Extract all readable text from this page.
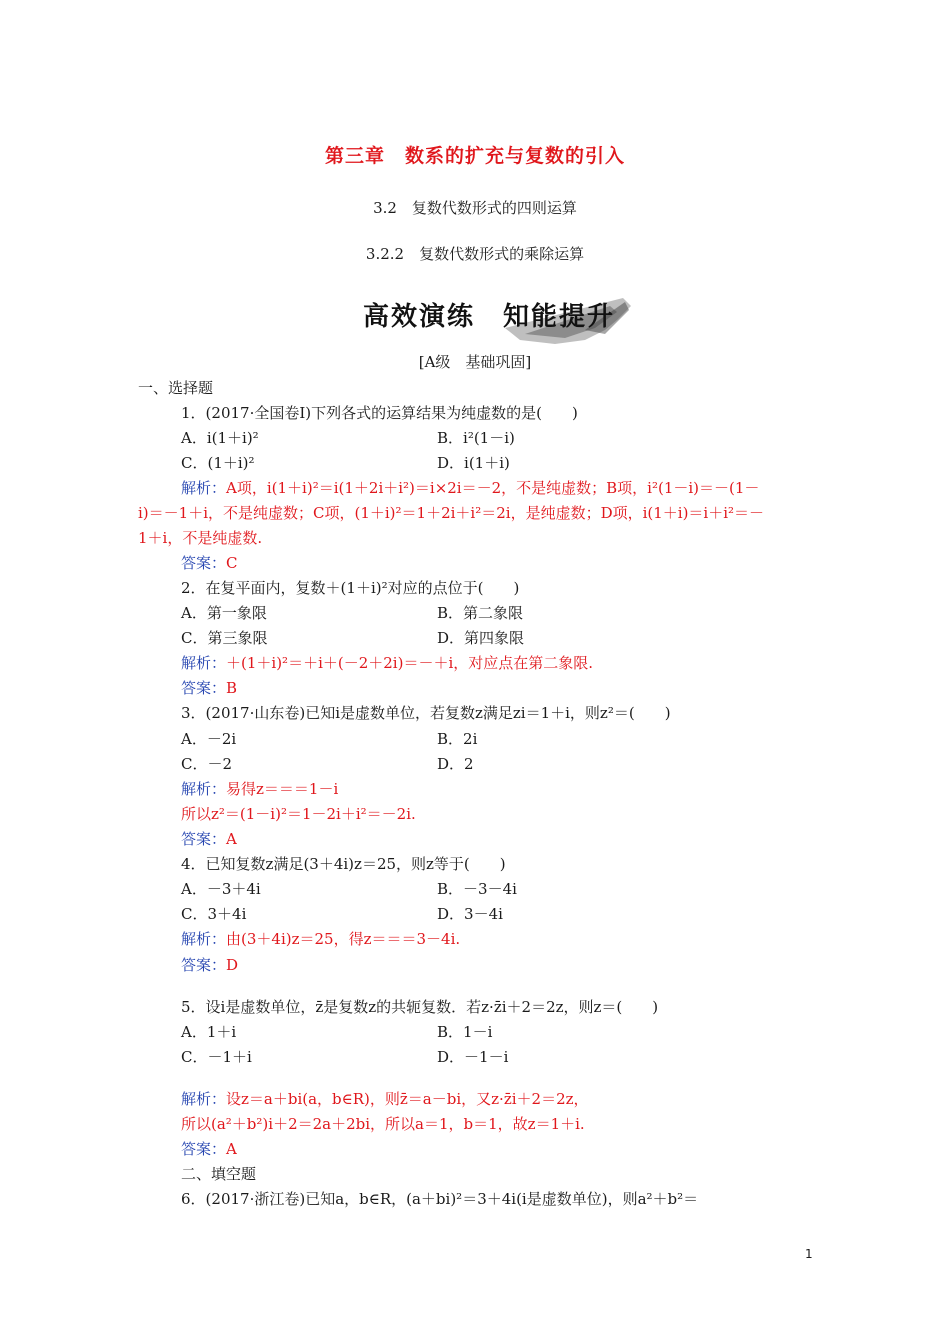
第三章　数系的扩充与复数的引入
3.2　复数代数形式的四则运算
3.2.2　复数代数形式的乘除运算
高效演练　知能提升
[A级　基础巩固]
一、选择题
1．(2017·全国卷Ⅰ)下列各式的运算结果为纯虚数的是(　　)
A．i(1＋i)²	B．i²(1－i)
C．(1＋i)²	D．i(1＋i)
解析：A项，i(1＋i)²＝i(1＋2i＋i²)＝i×2i＝－2，不是纯虚数；B项，i²(1－i)＝－(1－
i)＝－1＋i，不是纯虚数；C项，(1＋i)²＝1＋2i＋i²＝2i，是纯虚数；D项，i(1＋i)＝i＋i²＝－
1＋i，不是纯虚数.
答案：C
2．在复平面内，复数＋(1＋i)²对应的点位于(　　)
A．第一象限	B．第二象限
C．第三象限	D．第四象限
解析：＋(1＋i)²＝＋i＋(－2＋2i)＝－＋i，对应点在第二象限.
答案：B
3．(2017·山东卷)已知i是虚数单位，若复数z满足zi＝1＋i，则z²＝(　　)
A．－2i	B．2i
C．－2	D．2
解析：易得z＝＝＝1－i
所以z²＝(1－i)²＝1－2i＋i²＝－2i.
答案：A
4．已知复数z满足(3＋4i)z＝25，则z等于(　　)
A．－3＋4i	B．－3－4i
C．3＋4i	D．3－4i
解析：由(3＋4i)z＝25，得z＝＝＝3－4i.
答案：D
5．设i是虚数单位，z̄是复数z的共轭复数．若z·z̄i＋2＝2z，则z＝(　　)
A．1＋i	B．1－i
C．－1＋i	D．－1－i
解析：设z＝a＋bi(a，b∈R)，则z̄＝a－bi，又z·z̄i＋2＝2z，
所以(a²＋b²)i＋2＝2a＋2bi，所以a＝1，b＝1，故z＝1＋i.
答案：A
二、填空题
6．(2017·浙江卷)已知a，b∈R，(a＋bi)²＝3＋4i(i是虚数单位)，则a²＋b²＝
1
